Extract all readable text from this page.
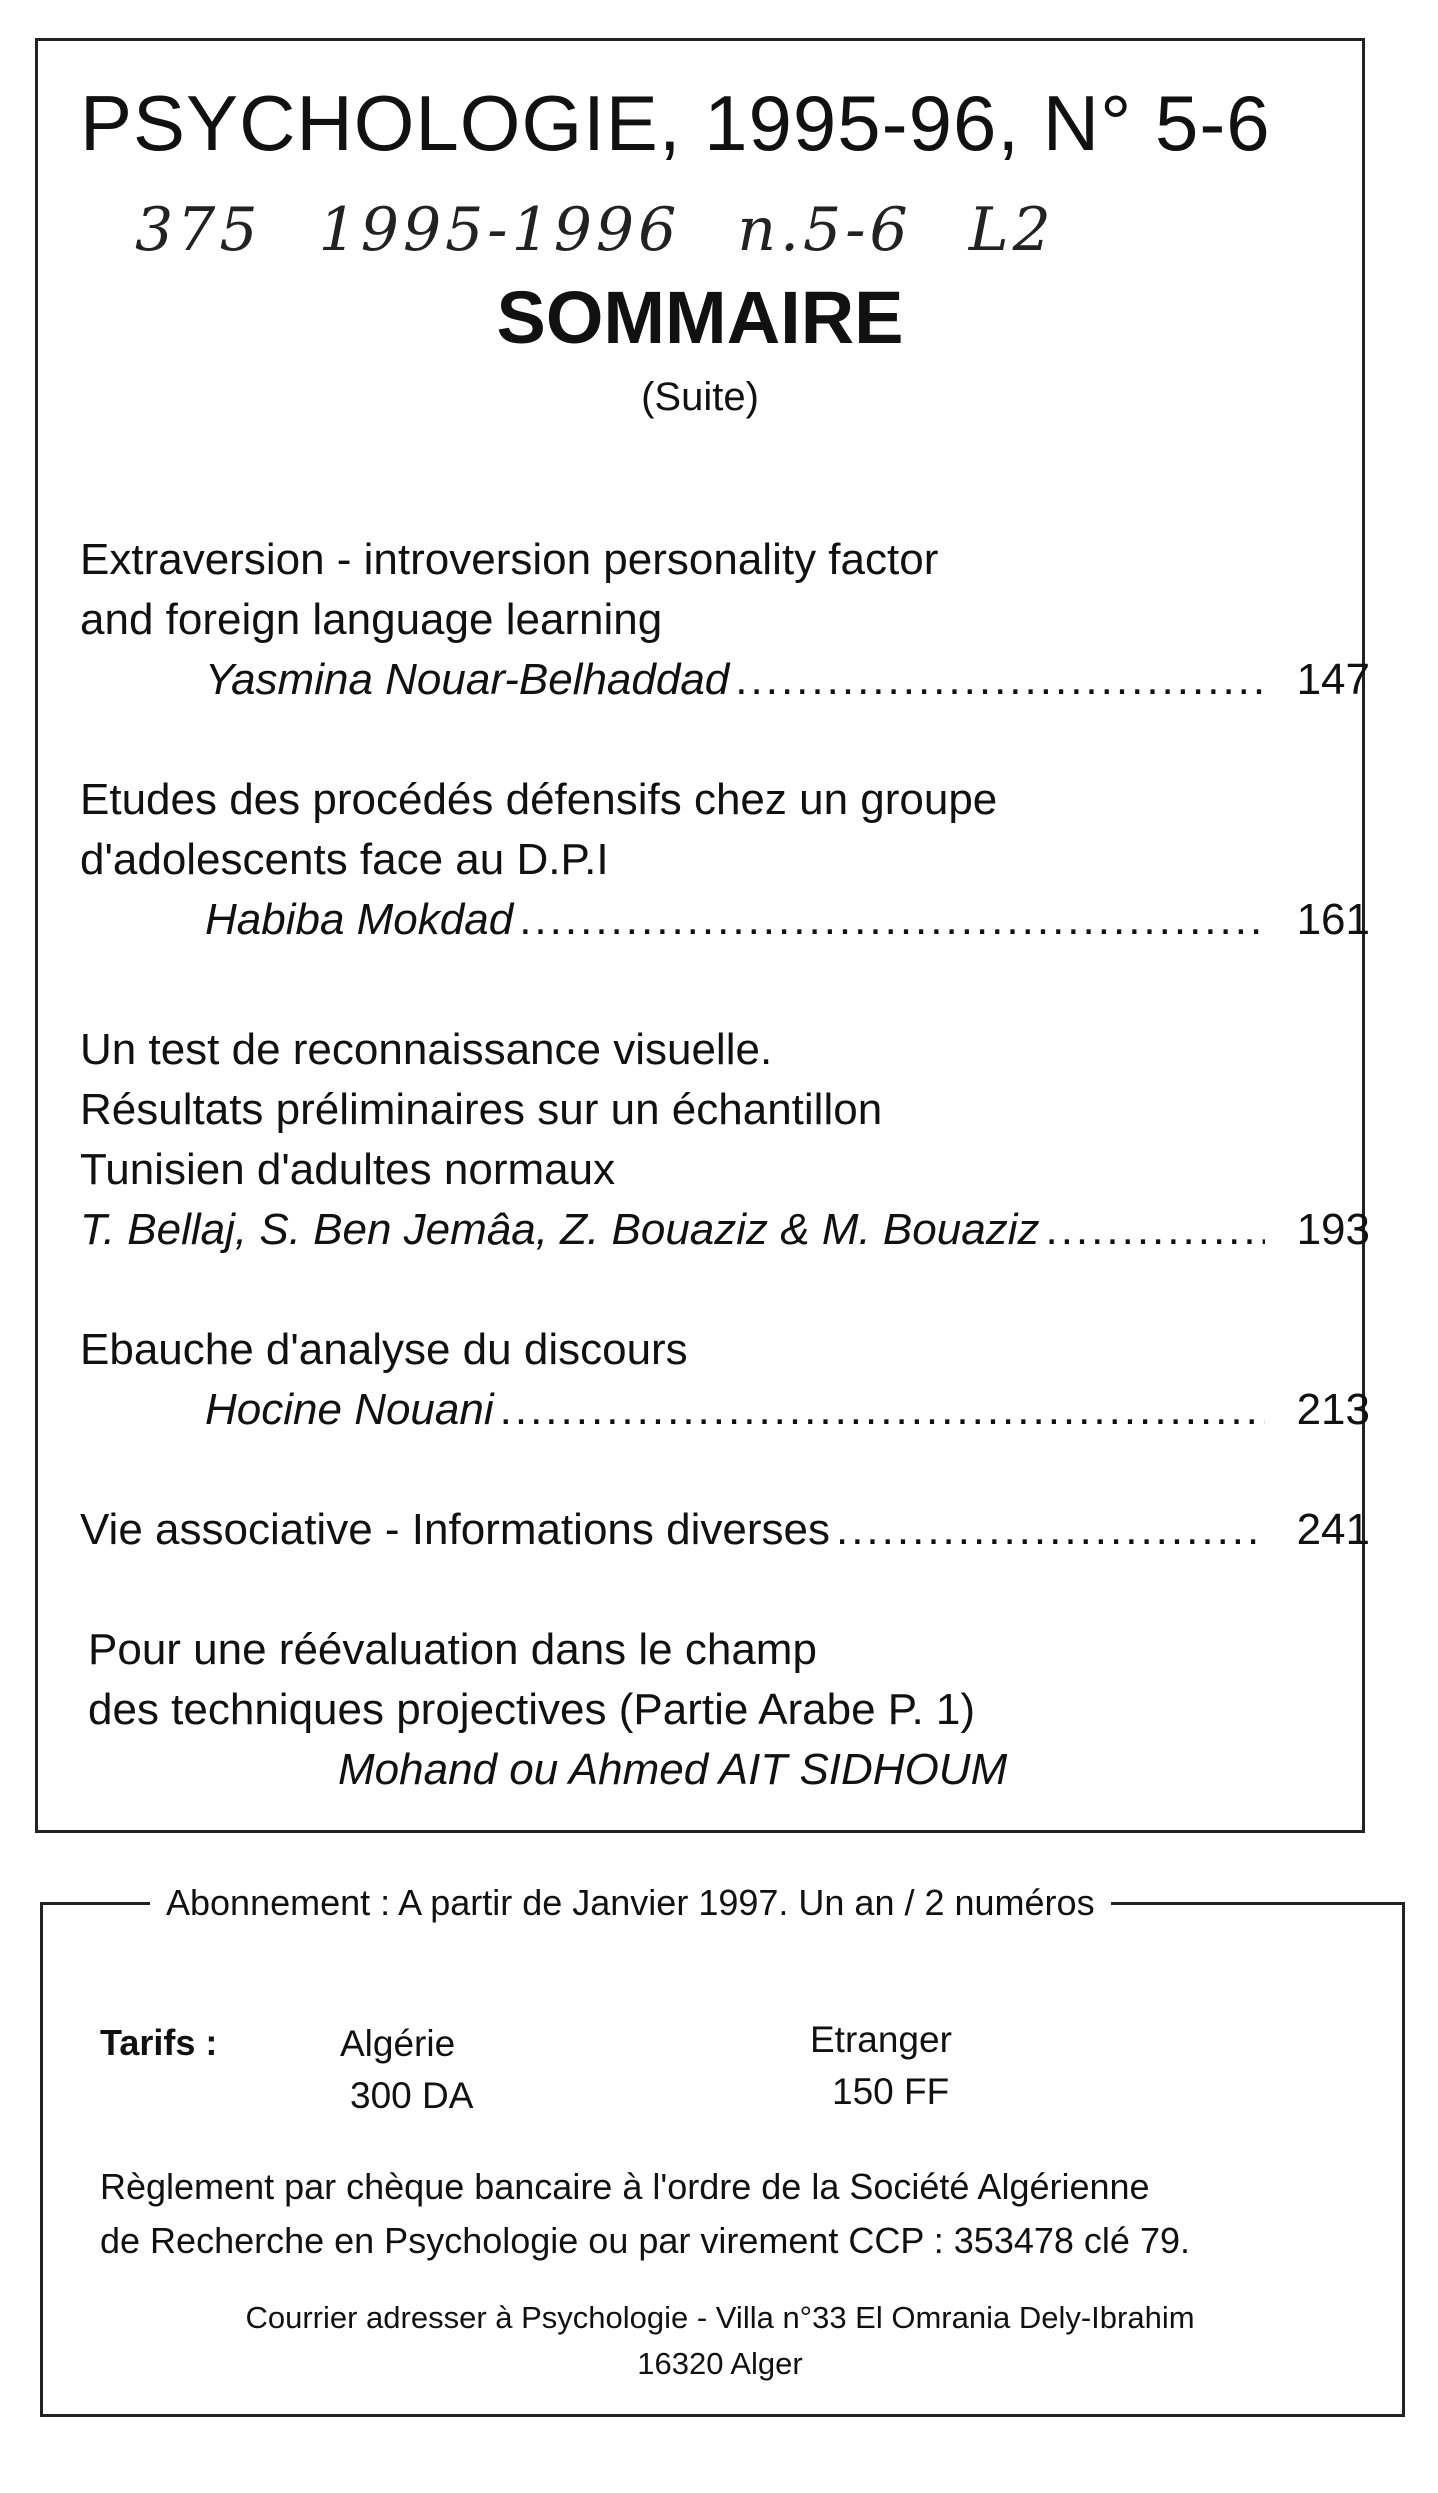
PSYCHOLOGIE, 1995-96, N° 5-6
375 1995-1996 n.5-6 L2
SOMMAIRE
(Suite)
Extraversion - introversion personality factor
and foreign language learning
Yasmina Nouar-Belhaddad .....	147
Etudes des procédés défensifs chez un groupe
d'adolescents face au D.P.I
Habiba Mokdad .....	161
Un test de reconnaissance visuelle.
Résultats préliminaires sur un échantillon
Tunisien d'adultes normaux
T. Bellaj, S. Ben Jemâa, Z. Bouaziz & M. Bouaziz .....	193
Ebauche d'analyse du discours
Hocine Nouani .....	213
Vie associative - Informations diverses .....	241
Pour une réévaluation dans le champ
des techniques projectives (Partie Arabe P. 1)
Mohand ou Ahmed AIT SIDHOUM
Abonnement : A partir de Janvier 1997. Un an / 2 numéros
Tarifs :	Algérie
300 DA
Etranger
150 FF
Règlement par chèque bancaire à l'ordre de la Société Algérienne
de Recherche en Psychologie ou par virement CCP : 353478 clé 79.
Courrier adresser à Psychologie - Villa n°33 El Omrania Dely-Ibrahim
16320 Alger
